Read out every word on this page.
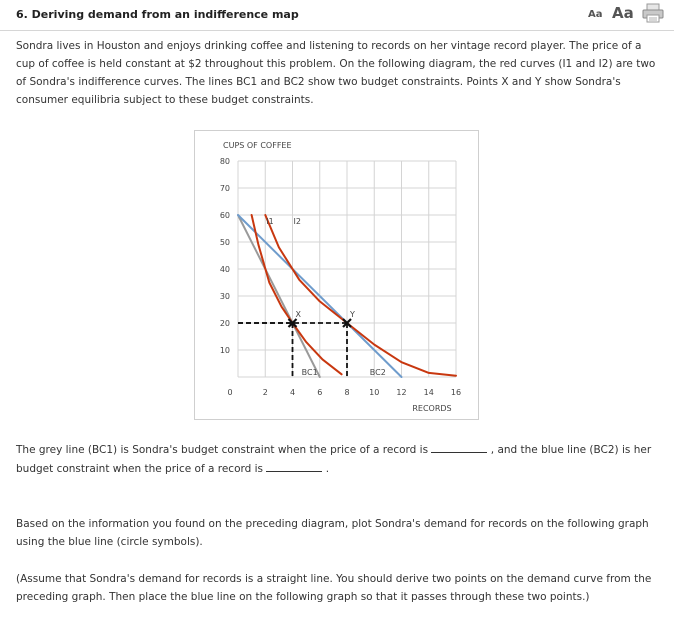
6. Deriving demand from an indifference map	Aa Aa

Sondra lives in Houston and enjoys drinking coffee and listening to records on her vintage record player. The price of a cup of coffee is held constant at $2 throughout this problem. On the following diagram, the red curves (I1 and I2) are two of Sondra's indifference curves. The lines BC1 and BC2 show two budget constraints. Points X and Y show Sondra's consumer equilibria subject to these budget constraints.

CUPS OF COFFEE
RECORDS
10
20
30
40
50
60
70
80
0	2	4	6	8 10 12 14 16
X	Y
I1 I2
BC1	BC2

The grey line (BC1) is Sondra's budget constraint when the price of a record is	, and the blue line (BC2) is her budget constraint when the price of a record is	.

Based on the information you found on the preceding diagram, plot Sondra's demand for records on the following graph using the blue line (circle symbols).

(Assume that Sondra's demand for records is a straight line. You should derive two points on the demand curve from the preceding graph. Then place the blue line on the following graph so that it passes through these two points.)
